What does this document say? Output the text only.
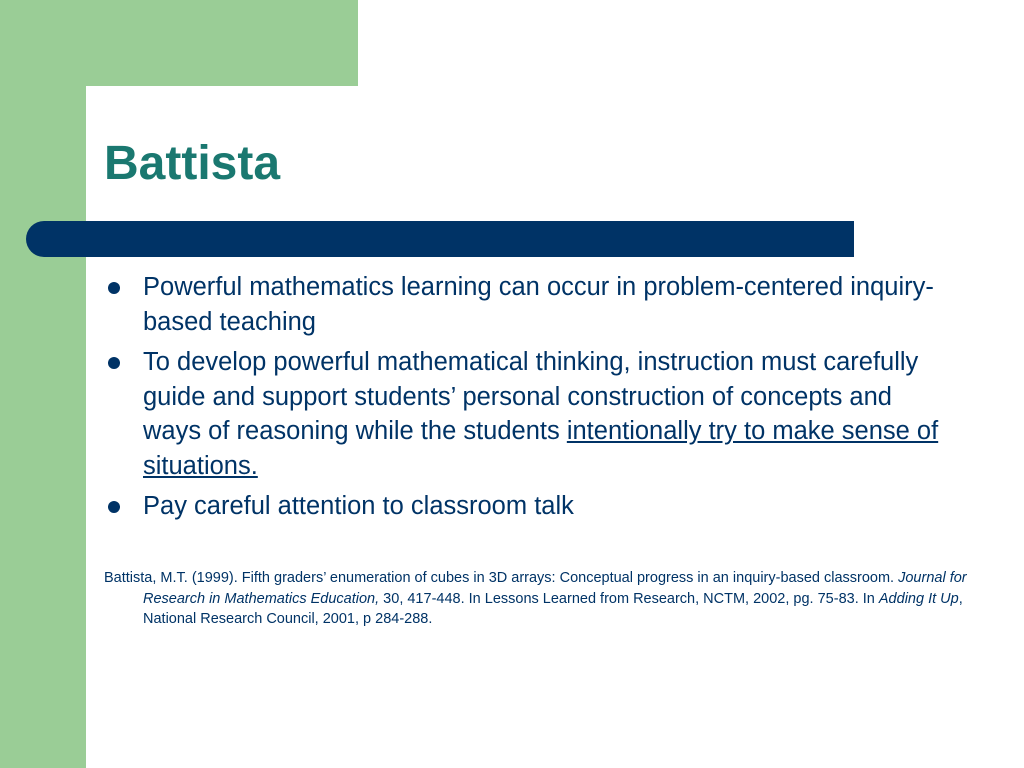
Battista
Powerful mathematics learning can occur in problem-centered inquiry-based teaching
To develop powerful mathematical thinking, instruction must carefully guide and support students’ personal construction of concepts and ways of reasoning while the students intentionally try to make sense of situations.
Pay careful attention to classroom talk

Battista, M.T. (1999). Fifth graders’ enumeration of cubes in 3D arrays: Conceptual progress in an inquiry-based classroom. Journal for Research in Mathematics Education, 30, 417-448. In Lessons Learned from Research, NCTM, 2002, pg. 75-83. In Adding It Up, National Research Council, 2001, p 284-288.
